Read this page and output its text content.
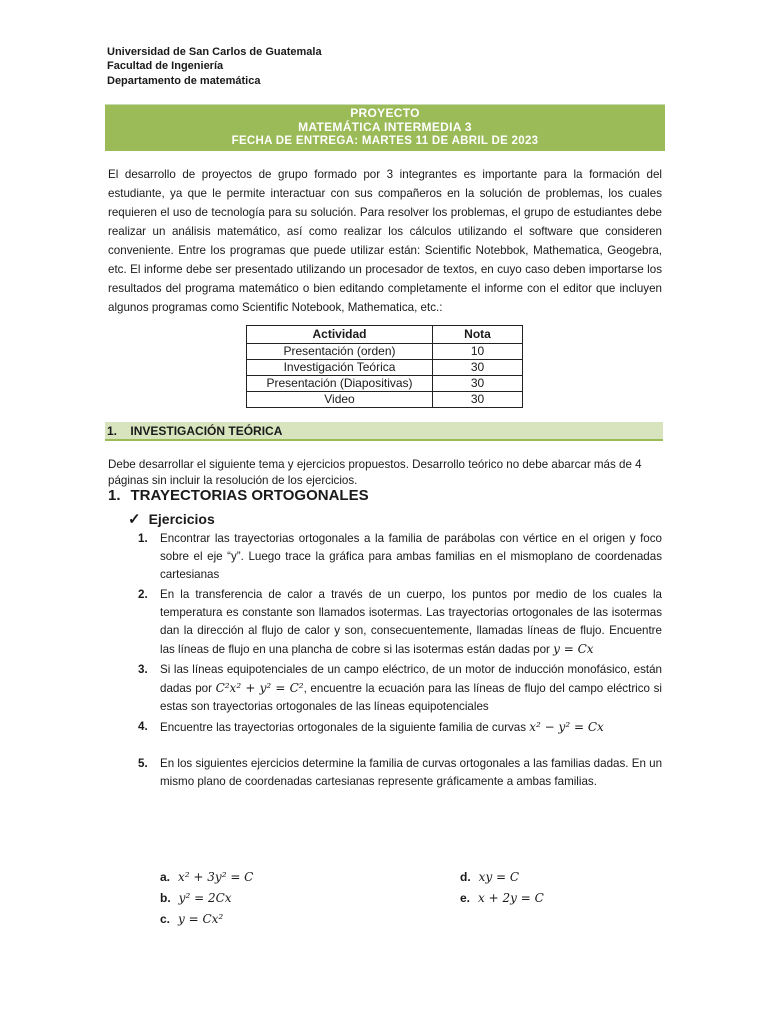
Universidad de San Carlos de Guatemala
Facultad de Ingeniería
Departamento de matemática
PROYECTO
MATEMÁTICA INTERMEDIA 3
FECHA DE ENTREGA: MARTES 11 DE ABRIL DE 2023

El desarrollo de proyectos de grupo formado por 3 integrantes es importante para la formación del estudiante, ya que le permite interactuar con sus compañeros en la solución de problemas, los cuales requieren el uso de tecnología para su solución. Para resolver los problemas, el grupo de estudiantes debe realizar un análisis matemático, así como realizar los cálculos utilizando el software que consideren conveniente. Entre los programas que puede utilizar están: Scientific Notebbok, Mathematica, Geogebra, etc. El informe debe ser presentado utilizando un procesador de textos, en cuyo caso deben importarse los resultados del programa matemático o bien editando completamente el informe con el editor que incluyen algunos programas como Scientific Notebook, Mathematica, etc.:

Actividad	Nota
Presentación (orden)	10
Investigación Teórica	30
Presentación (Diapositivas)	30
Video	30
1. INVESTIGACIÓN TEÓRICA

Debe desarrollar el siguiente tema y ejercicios propuestos. Desarrollo teórico no debe abarcar más de 4 páginas sin incluir la resolución de los ejercicios.

1. TRAYECTORIAS ORTOGONALES
✓ Ejercicios
1. Encontrar las trayectorias ortogonales a la familia de parábolas con vértice en el origen y foco sobre el eje “y”. Luego trace la gráfica para ambas familias en el mismoplano de coordenadas cartesianas
2. En la transferencia de calor a través de un cuerpo, los puntos por medio de los cuales la temperatura es constante son llamados isotermas. Las trayectorias ortogonales de las isotermas dan la dirección al flujo de calor y son, consecuentemente, llamadas líneas de flujo. Encuentre las líneas de flujo en una plancha de cobre si las isotermas están dadas por y = Cx
3. Si las líneas equipotenciales de un campo eléctrico, de un motor de inducción monofásico, están dadas por C²x² + y² = C², encuentre la ecuación para las líneas de flujo del campo eléctrico si estas son trayectorias ortogonales de las líneas equipotenciales
4. Encuentre las trayectorias ortogonales de la siguiente familia de curvas x² − y² = Cx
5. En los siguientes ejercicios determine la familia de curvas ortogonales a las familias dadas. En un mismo plano de coordenadas cartesianas represente gráficamente a ambas familias.
a. x² + 3y² = C
b. y² = 2Cx
c. y = Cx²
d. xy = C
e. x + 2y = C
